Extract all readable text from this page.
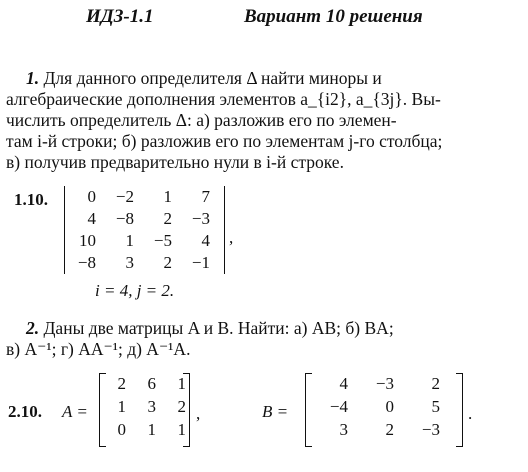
ИДЗ-1.1	Вариант 10 решения
1. Для данного определителя Δ найти миноры и
алгебраические дополнения элементов a_{i2}, a_{3j}. Вы-
числить определитель Δ: а) разложив его по элемен-
там i-й строки; б) разложив его по элементам j-го столбца;
в) получив предварительно нули в i-й строке.
1.10.	0	−2	1	7
4	−8	2	−3
10	1	−5	4
−8	3	2	−1
,
i = 4, j = 2.
2. Даны две матрицы A и B. Найти: а) AB; б) BA;
в) A⁻¹; г) AA⁻¹; д) A⁻¹A.
2.10. A =
2	6	1
1	3	2
0	1	1
,	B =
4	−3	2
−4	0	5
3	2	−3
.
